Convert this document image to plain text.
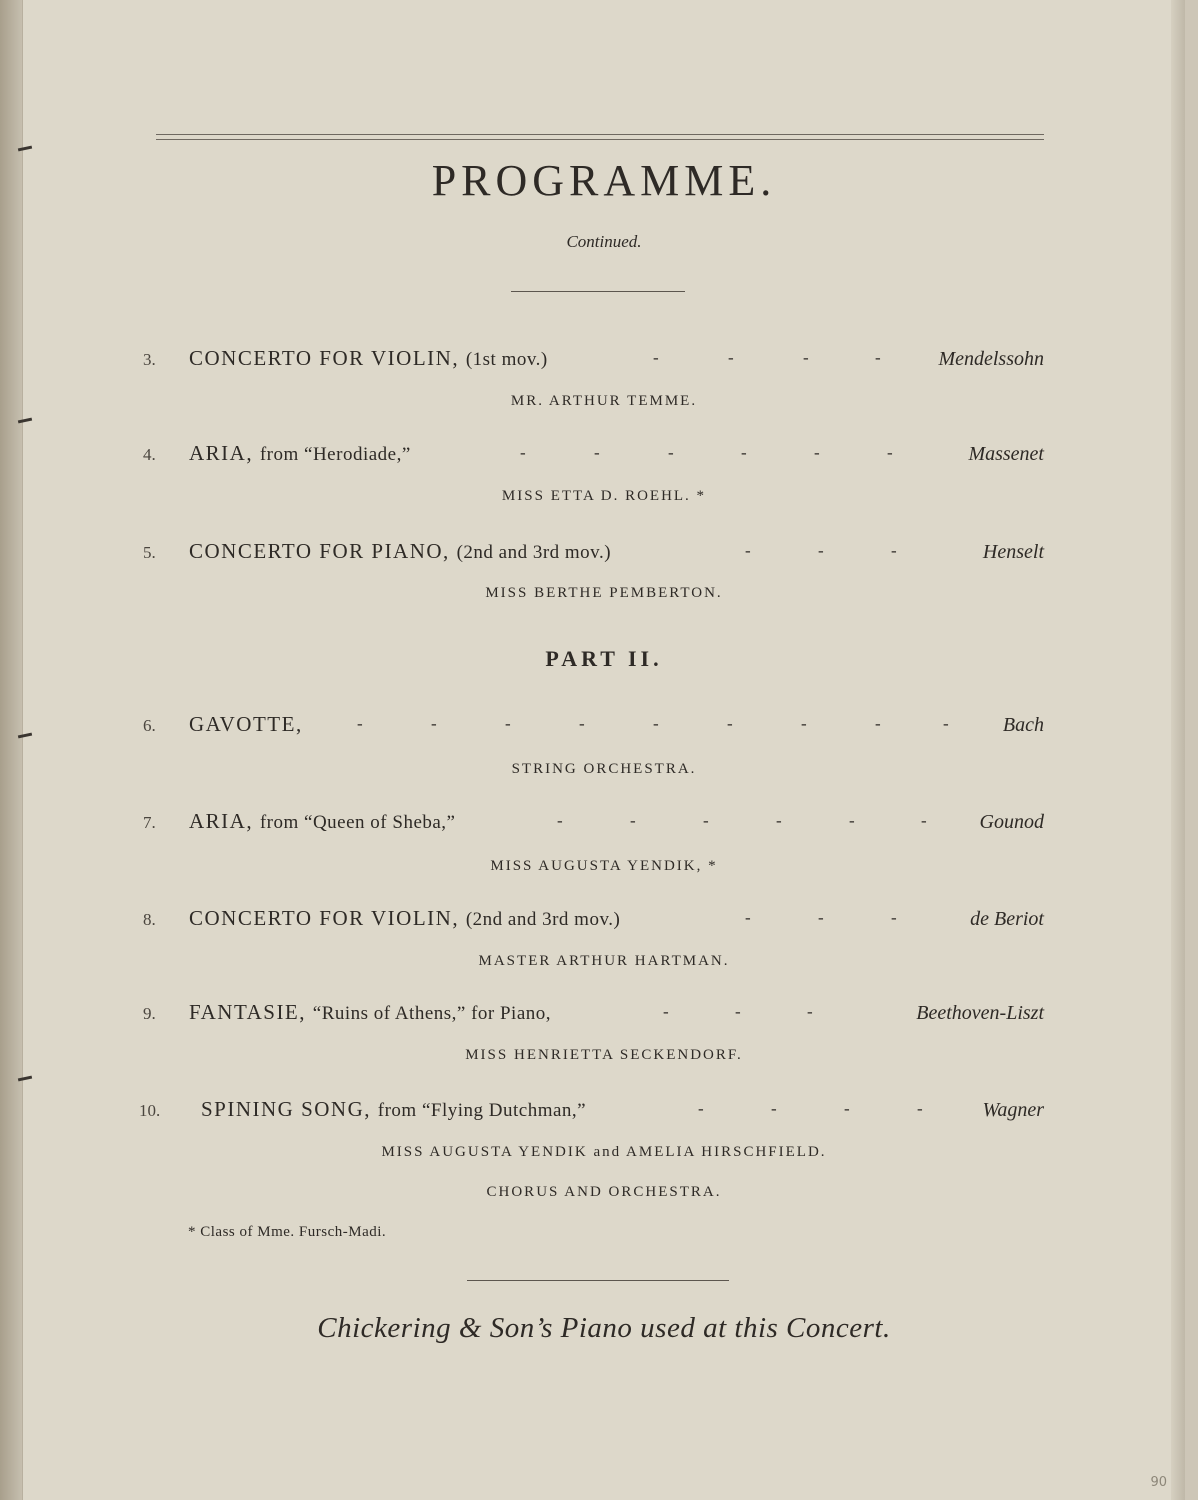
PROGRAMME.
Continued.
3. CONCERTO FOR VIOLIN, (1st mov.)	-	-	-	-	Mendelssohn
MR. ARTHUR TEMME.
4. ARIA, from “Herodiade,”	-	-	-	-	-	-	Massenet
MISS ETTA D. ROEHL. *
5. CONCERTO FOR PIANO, (2nd and 3rd mov.)	-	-	-	Henselt
MISS BERTHE PEMBERTON.
PART II.
6. GAVOTTE,	-	-	-	-	-	-	-	-	-	Bach
STRING ORCHESTRA.
7. ARIA, from “Queen of Sheba,”	-	-	-	-	-	-	Gounod
MISS AUGUSTA YENDIK, *
8. CONCERTO FOR VIOLIN, (2nd and 3rd mov.)	-	-	-	de Beriot
MASTER ARTHUR HARTMAN.
9. FANTASIE, “Ruins of Athens,” for Piano,	-	-	-	Beethoven-Liszt
MISS HENRIETTA SECKENDORF.
10. SPINING SONG, from “Flying Dutchman,”	-	-	-	-	Wagner
MISS AUGUSTA YENDIK and AMELIA HIRSCHFIELD.
CHORUS AND ORCHESTRA.
* Class of Mme. Fursch-Madi.
Chickering & Son’s Piano used at this Concert.
90
